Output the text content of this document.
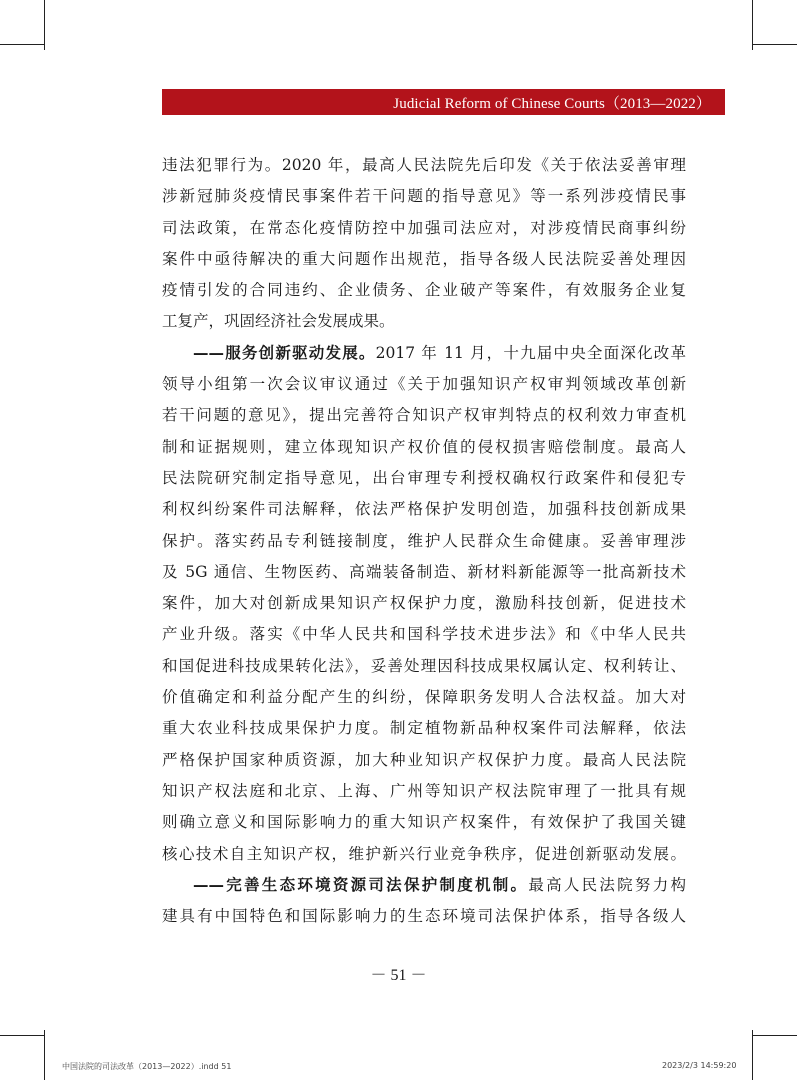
Judicial Reform of Chinese Courts（2013—2022）
违法犯罪行为。2020 年，最高人民法院先后印发《关于依法妥善审理
涉新冠肺炎疫情民事案件若干问题的指导意见》等一系列涉疫情民事
司法政策，在常态化疫情防控中加强司法应对，对涉疫情民商事纠纷
案件中亟待解决的重大问题作出规范，指导各级人民法院妥善处理因
疫情引发的合同违约、企业债务、企业破产等案件，有效服务企业复
工复产，巩固经济社会发展成果。
——服务创新驱动发展。2017 年 11 月，十九届中央全面深化改革
领导小组第一次会议审议通过《关于加强知识产权审判领域改革创新
若干问题的意见》，提出完善符合知识产权审判特点的权利效力审查机
制和证据规则，建立体现知识产权价值的侵权损害赔偿制度。最高人
民法院研究制定指导意见，出台审理专利授权确权行政案件和侵犯专
利权纠纷案件司法解释，依法严格保护发明创造，加强科技创新成果
保护。落实药品专利链接制度，维护人民群众生命健康。妥善审理涉
及 5G 通信、生物医药、高端装备制造、新材料新能源等一批高新技术
案件，加大对创新成果知识产权保护力度，激励科技创新，促进技术
产业升级。落实《中华人民共和国科学技术进步法》和《中华人民共
和国促进科技成果转化法》，妥善处理因科技成果权属认定、权利转让、
价值确定和利益分配产生的纠纷，保障职务发明人合法权益。加大对
重大农业科技成果保护力度。制定植物新品种权案件司法解释，依法
严格保护国家种质资源，加大种业知识产权保护力度。最高人民法院
知识产权法庭和北京、上海、广州等知识产权法院审理了一批具有规
则确立意义和国际影响力的重大知识产权案件，有效保护了我国关键
核心技术自主知识产权，维护新兴行业竞争秩序，促进创新驱动发展。
——完善生态环境资源司法保护制度机制。最高人民法院努力构
建具有中国特色和国际影响力的生态环境司法保护体系，指导各级人
－ 51 －
中国法院的司法改革（2013—2022）.indd 51	2023/2/3 14:59:20
